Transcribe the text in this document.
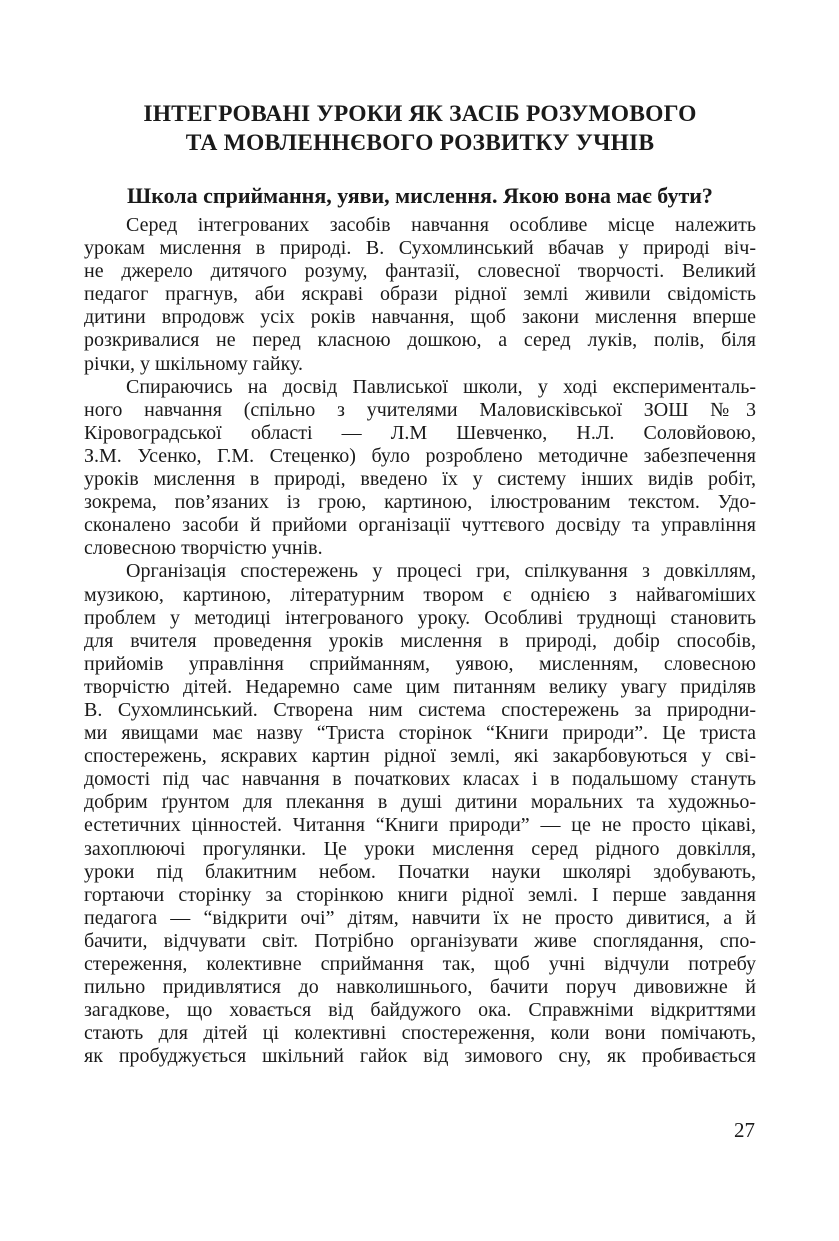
ІНТЕГРОВАНІ УРОКИ ЯК ЗАСІБ РОЗУМОВОГО
ТА МОВЛЕННЄВОГО РОЗВИТКУ УЧНІВ
Школа сприймання, уяви, мислення. Якою вона має бути?
Серед інтегрованих засобів навчання особливе місце належить
урокам мислення в природі. В. Сухомлинський вбачав у природі віч-
не джерело дитячого розуму, фантазії, словесної творчості. Великий
педагог прагнув, аби яскраві образи рідної землі живили свідомість
дитини впродовж усіх років навчання, щоб закони мислення вперше
розкривалися не перед класною дошкою, а серед луків, полів, біля
річки, у шкільному гайку.
Спираючись на досвід Павлиської школи, у ході експерименталь-
ного навчання (спільно з учителями Маловисківської ЗОШ №3
Кіровоградської області — Л.М Шевченко, Н.Л. Соловйовою,
З.М. Усенко, Г.М. Стеценко) було розроблено методичне забезпечення
уроків мислення в природі, введено їх у систему інших видів робіт,
зокрема, пов’язаних із грою, картиною, ілюстрованим текстом. Удо-
сконалено засоби й прийоми організації чуттєвого досвіду та управління
словесною творчістю учнів.
Організація спостережень у процесі гри, спілкування з довкіллям,
музикою, картиною, літературним твором є однією з найвагоміших
проблем у методиці інтегрованого уроку. Особливі труднощі становить
для вчителя проведення уроків мислення в природі, добір способів,
прийомів управління сприйманням, уявою, мисленням, словесною
творчістю дітей. Недаремно саме цим питанням велику увагу приділяв
В. Сухомлинський. Створена ним система спостережень за природни-
ми явищами має назву “Триста сторінок “Книги природи”. Це триста
спостережень, яскравих картин рідної землі, які закарбовуються у сві-
домості під час навчання в початкових класах і в подальшому стануть
добрим ґрунтом для плекання в душі дитини моральних та художньо-
естетичних цінностей. Читання “Книги природи” — це не просто цікаві,
захоплюючі прогулянки. Це уроки мислення серед рідного довкілля,
уроки під блакитним небом. Початки науки школярі здобувають,
гортаючи сторінку за сторінкою книги рідної землі. І перше завдання
педагога — “відкрити очі” дітям, навчити їх не просто дивитися, а й
бачити, відчувати світ. Потрібно організувати живе споглядання, спо-
стереження, колективне сприймання так, щоб учні відчули потребу
пильно придивлятися до навколишнього, бачити поруч дивовижне й
загадкове, що ховається від байдужого ока. Справжніми відкриттями
стають для дітей ці колективні спостереження, коли вони помічають,
як пробуджується шкільний гайок від зимового сну, як пробивається
27
